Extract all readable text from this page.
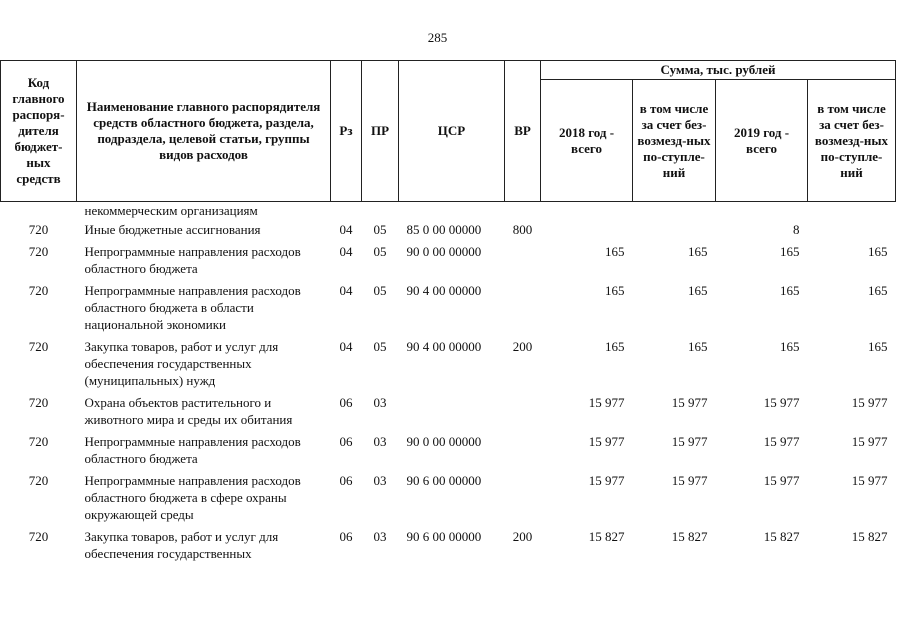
285
Код главного распоря-дителя бюджет-ных средств	Наименование главного распорядителя средств областного бюджета, раздела, подраздела, целевой статьи, группы видов расходов	Рз	ПР	ЦСР	ВР	Сумма, тыс. рублей			
						2018 год - всего	в том числе за счет без-возмезд-ных по-ступле-ний	2019 год - всего	в том числе за счет без-возмезд-ных по-ступле-ний
	некоммерческим организациям								
720	Иные бюджетные ассигнования	04	05	85 0 00 00000	800			8	
720	Непрограммные направления расходов областного бюджета	04	05	90 0 00 00000		165	165	165	165
720	Непрограммные направления расходов областного бюджета в области национальной экономики	04	05	90 4 00 00000		165	165	165	165
720	Закупка товаров, работ и услуг для обеспечения государственных (муниципальных) нужд	04	05	90 4 00 00000	200	165	165	165	165
720	Охрана объектов растительного и животного мира и среды их обитания	06	03			15 977	15 977	15 977	15 977
720	Непрограммные направления расходов областного бюджета	06	03	90 0 00 00000		15 977	15 977	15 977	15 977
720	Непрограммные направления расходов областного бюджета в сфере охраны окружающей среды	06	03	90 6 00 00000		15 977	15 977	15 977	15 977
720	Закупка товаров, работ и услуг для обеспечения государственных	06	03	90 6 00 00000	200	15 827	15 827	15 827	15 827
